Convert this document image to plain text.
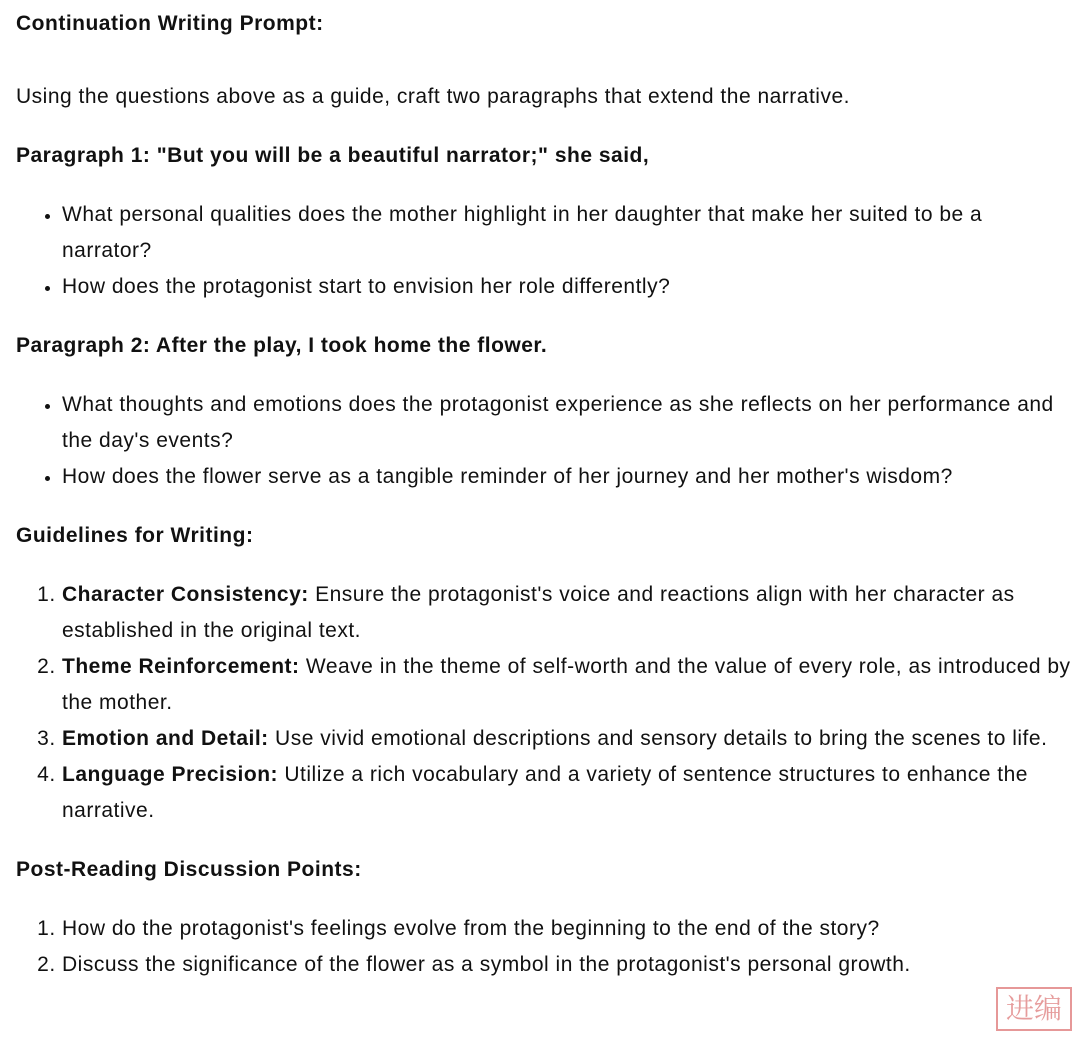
Continuation Writing Prompt:

Using the questions above as a guide, craft two paragraphs that extend the narrative.

Paragraph 1: "But you will be a beautiful narrator;" she said,

• What personal qualities does the mother highlight in her daughter that make her suited to be a narrator?
• How does the protagonist start to envision her role differently?

Paragraph 2: After the play, I took home the flower.

• What thoughts and emotions does the protagonist experience as she reflects on her performance and the day's events?
• How does the flower serve as a tangible reminder of her journey and her mother's wisdom?

Guidelines for Writing:

1. Character Consistency: Ensure the protagonist's voice and reactions align with her character as established in the original text.
2. Theme Reinforcement: Weave in the theme of self-worth and the value of every role, as introduced by the mother.
3. Emotion and Detail: Use vivid emotional descriptions and sensory details to bring the scenes to life.
4. Language Precision: Utilize a rich vocabulary and a variety of sentence structures to enhance the narrative.

Post-Reading Discussion Points:

1. How do the protagonist's feelings evolve from the beginning to the end of the story?
2. Discuss the significance of the flower as a symbol in the protagonist's personal growth.
进编
